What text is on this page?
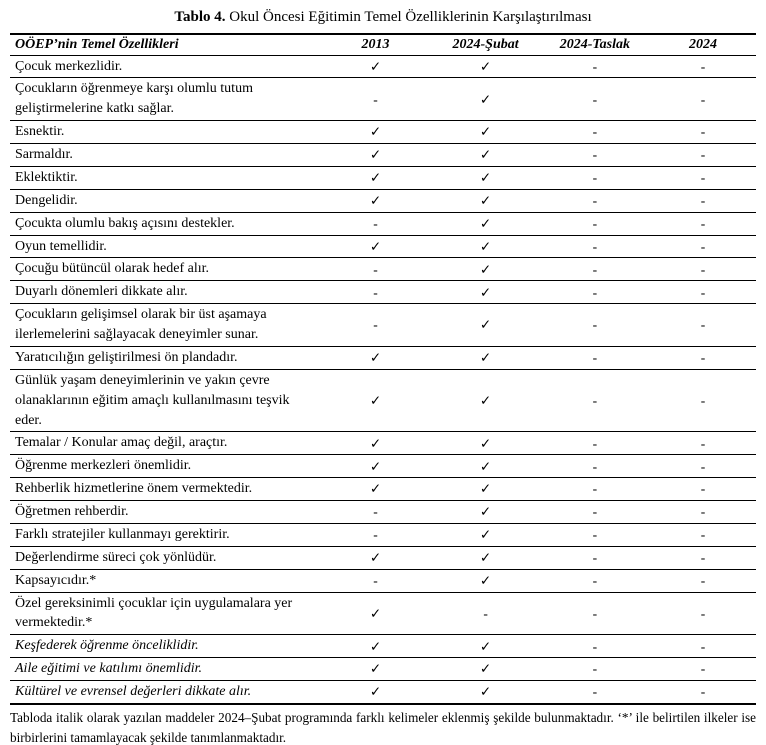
Tablo 4. Okul Öncesi Eğitimin Temel Özelliklerinin Karşılaştırılması
OÖEP’nin Temel Özellikleri	2013	2024-Şubat	2024-Taslak	2024
Çocuk merkezlidir.	✓	✓	-	-
Çocukların öğrenmeye karşı olumlu tutum geliştirmelerine katkı sağlar.	-	✓	-	-
Esnektir.	✓	✓	-	-
Sarmaldır.	✓	✓	-	-
Eklektiktir.	✓	✓	-	-
Dengelidir.	✓	✓	-	-
Çocukta olumlu bakış açısını destekler.	-	✓	-	-
Oyun temellidir.	✓	✓	-	-
Çocuğu bütüncül olarak hedef alır.	-	✓	-	-
Duyarlı dönemleri dikkate alır.	-	✓	-	-
Çocukların gelişimsel olarak bir üst aşamaya ilerlemelerini sağlayacak deneyimler sunar.	-	✓	-	-
Yaratıcılığın geliştirilmesi ön plandadır.	✓	✓	-	-
Günlük yaşam deneyimlerinin ve yakın çevre olanaklarının eğitim amaçlı kullanılmasını teşvik eder.	✓	✓	-	-
Temalar / Konular amaç değil, araçtır.	✓	✓	-	-
Öğrenme merkezleri önemlidir.	✓	✓	-	-
Rehberlik hizmetlerine önem vermektedir.	✓	✓	-	-
Öğretmen rehberdir.	-	✓	-	-
Farklı stratejiler kullanmayı gerektirir.	-	✓	-	-
Değerlendirme süreci çok yönlüdür.	✓	✓	-	-
Kapsayıcıdır.*	-	✓	-	-
Özel gereksinimli çocuklar için uygulamalara yer vermektedir.*	✓	-	-	-
Keşfederek öğrenme önceliklidir.	✓	✓	-	-
Aile eğitimi ve katılımı önemlidir.	✓	✓	-	-
Kültürel ve evrensel değerleri dikkate alır.	✓	✓	-	-
Tabloda italik olarak yazılan maddeler 2024–Şubat programında farklı kelimeler eklenmiş şekilde bulunmaktadır. ‘*’ ile belirtilen ilkeler ise birbirlerini tamamlayacak şekilde tanımlanmaktadır.
